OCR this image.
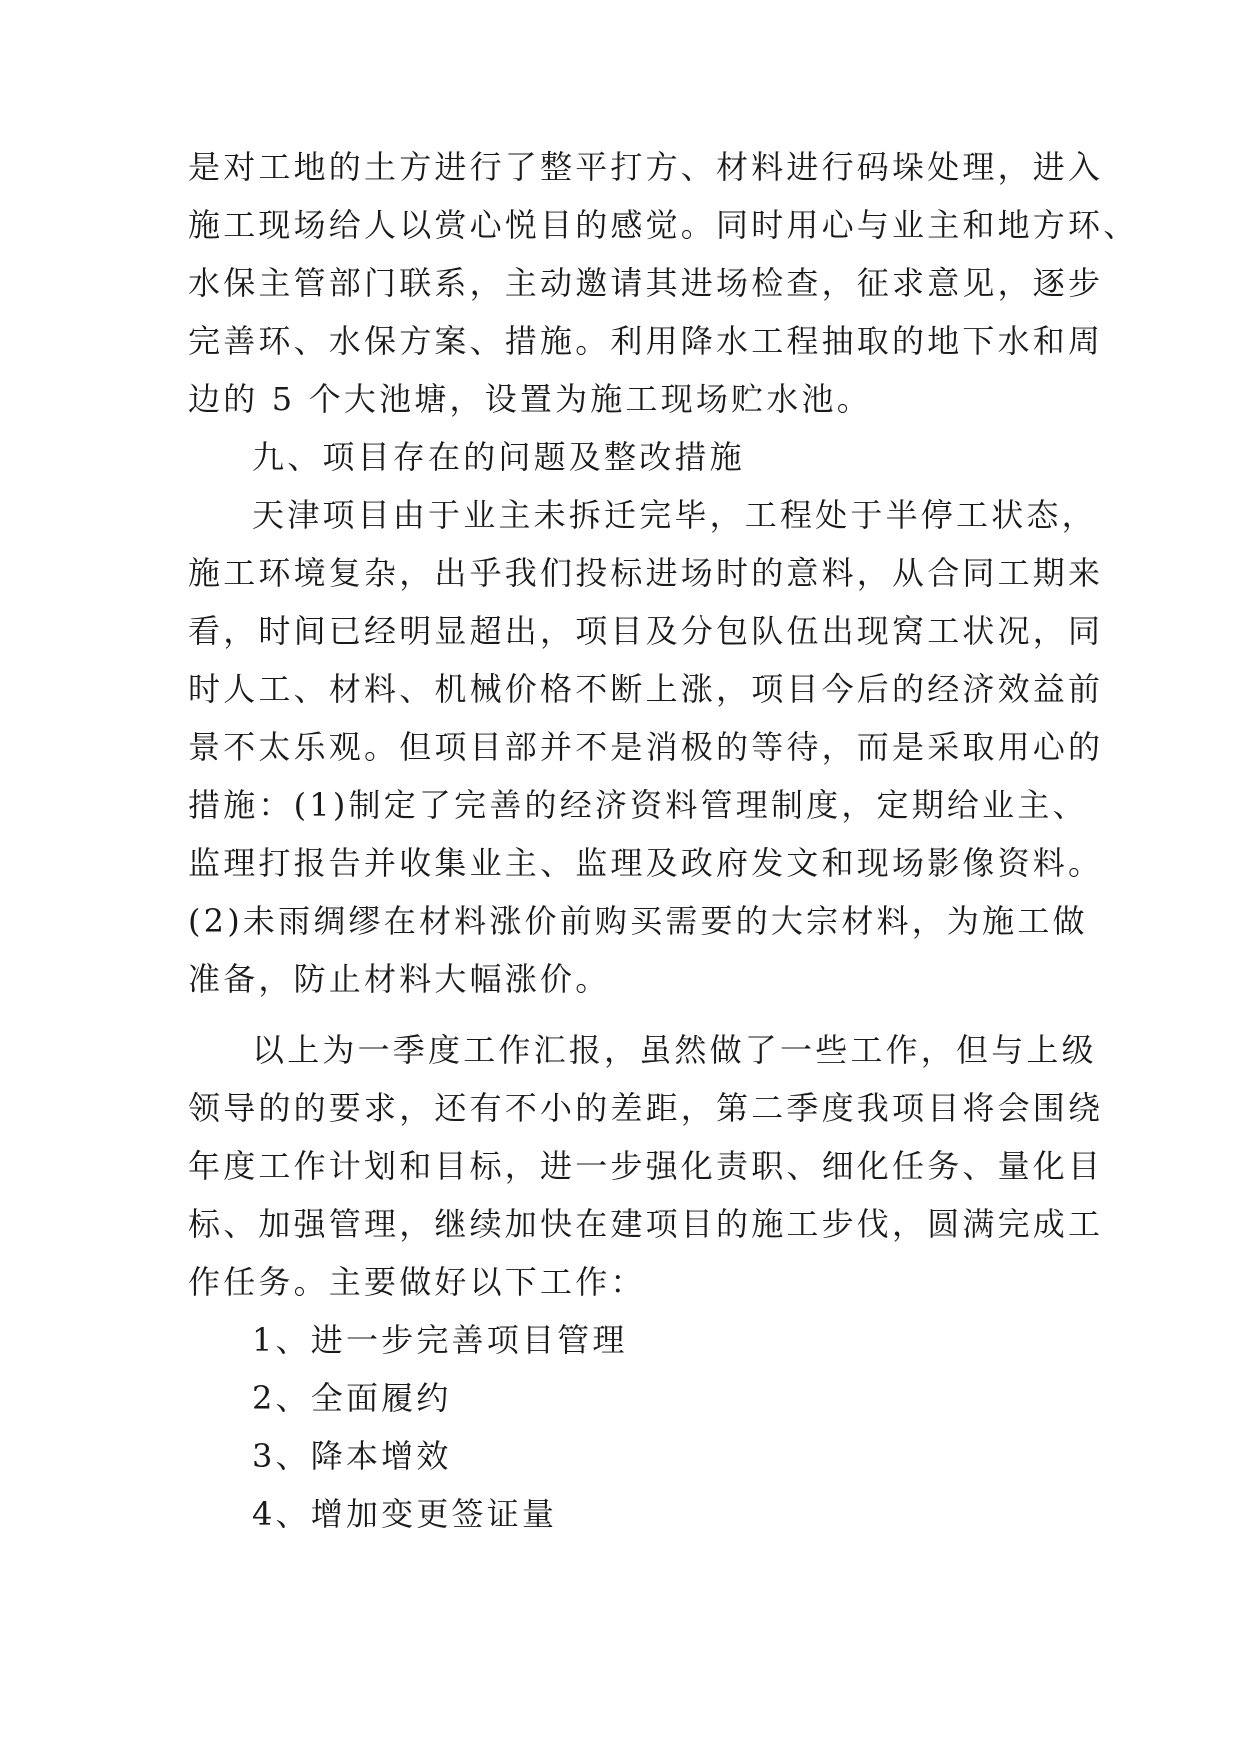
是对工地的土方进行了整平打方、材料进行码垛处理，进入
施工现场给人以赏心悦目的感觉。同时用心与业主和地方环、
水保主管部门联系，主动邀请其进场检查，征求意见，逐步
完善环、水保方案、措施。利用降水工程抽取的地下水和周
边的 5 个大池塘，设置为施工现场贮水池。
九、项目存在的问题及整改措施
天津项目由于业主未拆迁完毕，工程处于半停工状态，
施工环境复杂，出乎我们投标进场时的意料，从合同工期来
看，时间已经明显超出，项目及分包队伍出现窝工状况，同
时人工、材料、机械价格不断上涨，项目今后的经济效益前
景不太乐观。但项目部并不是消极的等待，而是采取用心的
措施：(1)制定了完善的经济资料管理制度，定期给业主、
监理打报告并收集业主、监理及政府发文和现场影像资料。
(2)未雨绸缪在材料涨价前购买需要的大宗材料，为施工做
准备，防止材料大幅涨价。
以上为一季度工作汇报，虽然做了一些工作，但与上级
领导的的要求，还有不小的差距，第二季度我项目将会围绕
年度工作计划和目标，进一步强化责职、细化任务、量化目
标、加强管理，继续加快在建项目的施工步伐，圆满完成工
作任务。主要做好以下工作：
1、进一步完善项目管理
2、全面履约
3、降本增效
4、增加变更签证量
